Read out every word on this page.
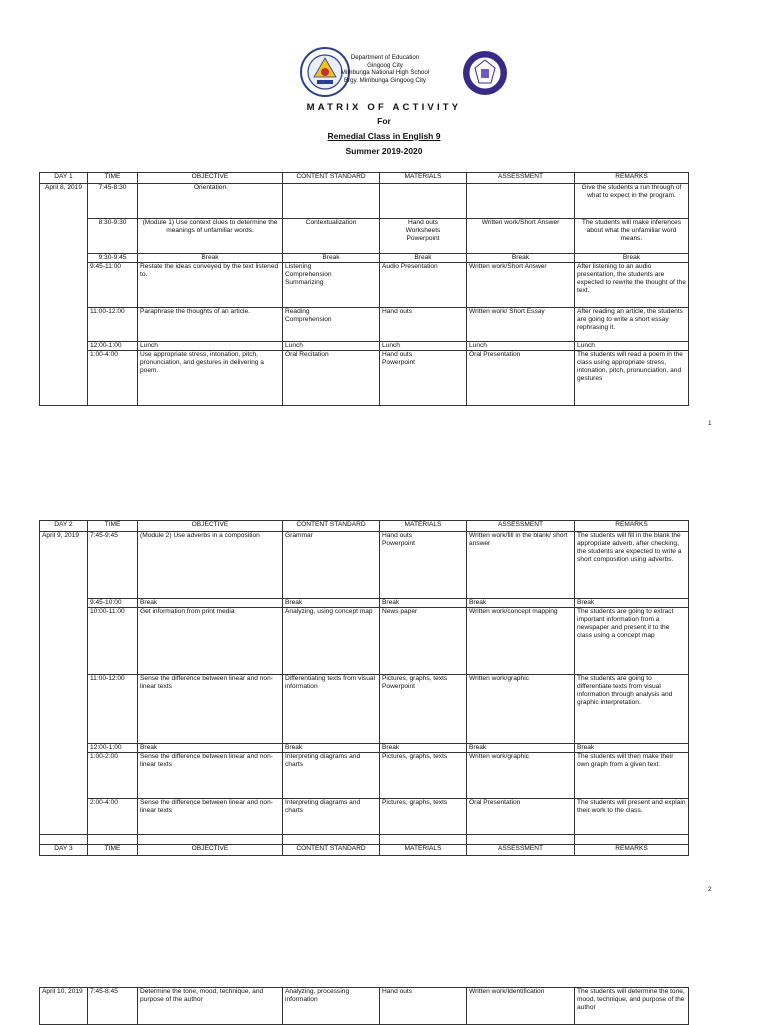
Department of Education
Gingoog City
Mimbunga National High School
Brgy. Mimbunga Gingoog City
MATRIX OF ACTIVITY
For
Remedial Class in English 9
Summer 2019-2020
DAY 1	TIME	OBJECTIVE	CONTENT STANDARD	MATERIALS	ASSESSMENT	REMARKS
April 8, 2019	7:45-8:30	Orientation				Give the students a run through of what to expect in the program.
	8:30-9:30	(Module 1) Use context clues to determine the meanings of unfamiliar words.	Contextualization	Hand outs
Worksheets
Powerpoint	Written work/Short Answer	The students will make inferences about what the unfamiliar word means.
	9:30-9:45	Break	Break	Break	Break	Break
	9:45-11:00	Restate the ideas conveyed by the text listened to.	Listening
Comprehension
Summarizing	Audio Presentation	Written work/Short Answer	After listening to an audio presentation, the students are expected to rewrite the thought of the text.
	11:00-12:00	Paraphrase the thoughts of an article.	Reading
Comprehension	Hand outs	Written work/ Short Essay	After reading an article, the students are going to write a short essay rephrasing it.
	12:00-1:00	Lunch	Lunch	Lunch	Lunch	Lunch
	1:00-4:00	Use appropriate stress, intonation, pitch, pronunciation, and gestures in delivering a poem.	Oral Recitation	Hand outs
Powerpoint	Oral Presentation	The students will read a poem in the class using appropriate stress, intonation, pitch, pronunciation, and gestures
1
DAY 2	TIME	OBJECTIVE	CONTENT STANDARD	MATERIALS	ASSESSMENT	REMARKS
April 9, 2019	7:45-9:45	(Module 2) Use adverbs in a composition	Grammar	Hand outs
Powerpoint	Written work/fill in the blank/ short answer	The students will fill in the blank the appropriate adverb, after checking, the students are expected to write a short composition using adverbs.
	9:45-10:00	Break	Break	Break	Break	Break
	10:00-11:00	Get information from print media	Analyzing, using concept map	News paper	Written work/concept mapping	The students are going to extract important information from a newspaper and present it to the class using a concept map
	11:00-12:00	Sense the difference between linear and non-linear texts	Differentiating texts from visual information	Pictures, graphs, texts
Powerpoint	Written work/graphic	The students are going to differentiate texts from visual information through analysis and graphic interpretation.
	12:00-1:00	Break	Break	Break	Break	Break
	1:00-2:00	Sense the difference between linear and non-linear texts	Interpreting diagrams and charts	Pictures, graphs, texts	Written work/graphic	The students will then make their own graph from a given text.
	2:00-4:00	Sense the difference between linear and non-linear texts	Interpreting diagrams and charts	Pictures, graphs, texts	Oral Presentation	The students will present and explain their work to the class.

DAY 3	TIME	OBJECTIVE	CONTENT STANDARD	MATERIALS	ASSESSMENT	REMARKS
2
April 10, 2019	7:45-8:45	Determine the tone, mood, technique, and purpose of the author	Analyzing, processing information	Hand outs	Written work/Identification	The students will determine the tone, mood, technique, and purpose of the author
